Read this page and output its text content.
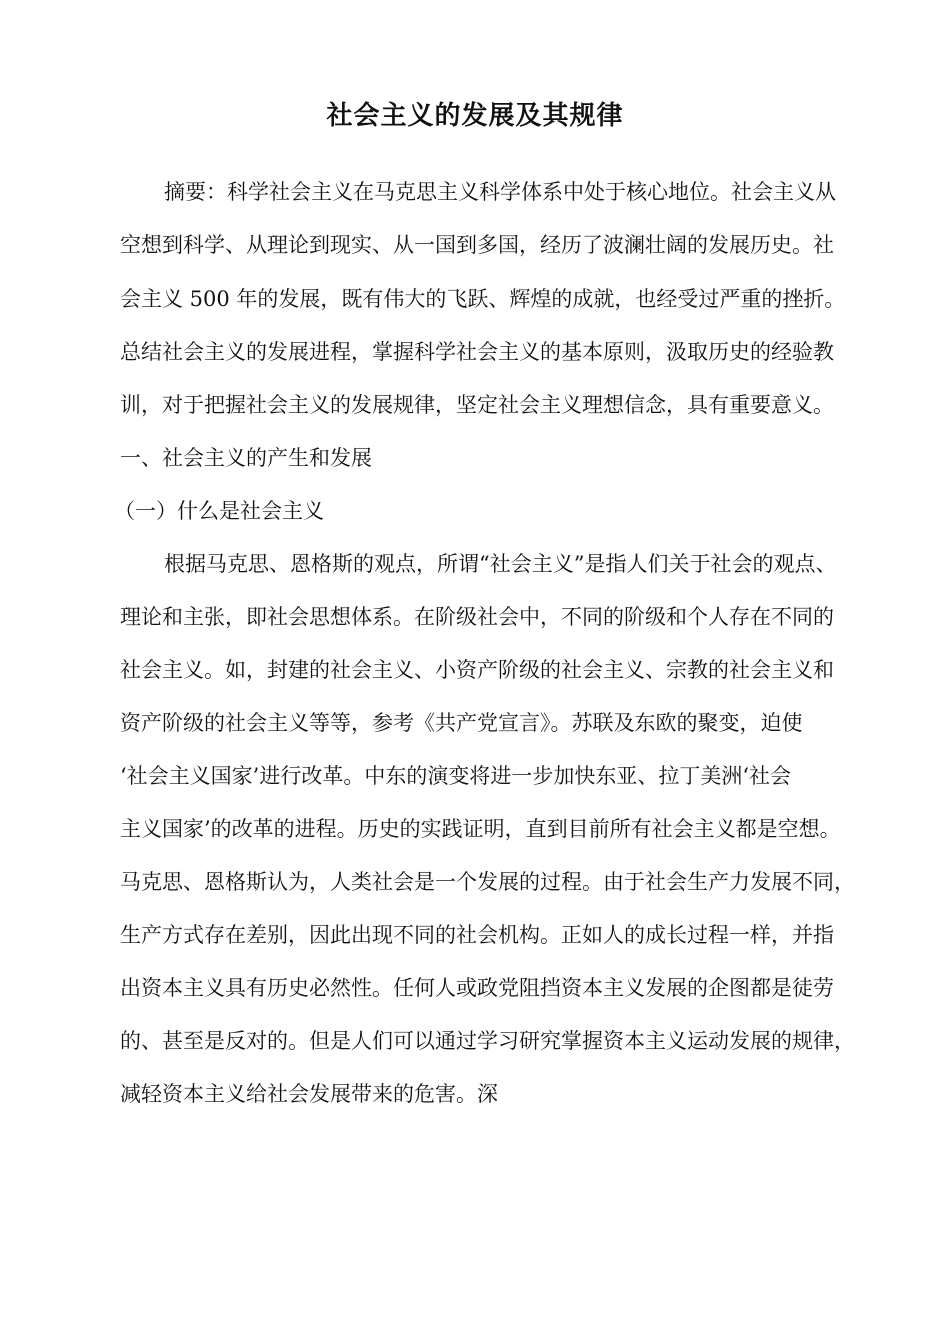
社会主义的发展及其规律
摘要：科学社会主义在马克思主义科学体系中处于核心地位。社会主义从
空想到科学、从理论到现实、从一国到多国，经历了波澜壮阔的发展历史。社
会主义 500 年的发展，既有伟大的飞跃、辉煌的成就，也经受过严重的挫折。
总结社会主义的发展进程，掌握科学社会主义的基本原则，汲取历史的经验教
训，对于把握社会主义的发展规律，坚定社会主义理想信念，具有重要意义。
一、社会主义的产生和发展
（一）什么是社会主义
根据马克思、恩格斯的观点，所谓“社会主义”是指人们关于社会的观点、
理论和主张，即社会思想体系。在阶级社会中，不同的阶级和个人存在不同的
社会主义。如，封建的社会主义、小资产阶级的社会主义、宗教的社会主义和
资产阶级的社会主义等等，参考《共产党宣言》。苏联及东欧的聚变，迫使
‘社会主义国家’进行改革。中东的演变将进一步加快东亚、拉丁美洲‘社会
主义国家’的改革的进程。历史的实践证明，直到目前所有社会主义都是空想。
马克思、恩格斯认为，人类社会是一个发展的过程。由于社会生产力发展不同，
生产方式存在差别，因此出现不同的社会机构。正如人的成长过程一样，并指
出资本主义具有历史必然性。任何人或政党阻挡资本主义发展的企图都是徒劳
的、甚至是反对的。但是人们可以通过学习研究掌握资本主义运动发展的规律，
减轻资本主义给社会发展带来的危害。深
